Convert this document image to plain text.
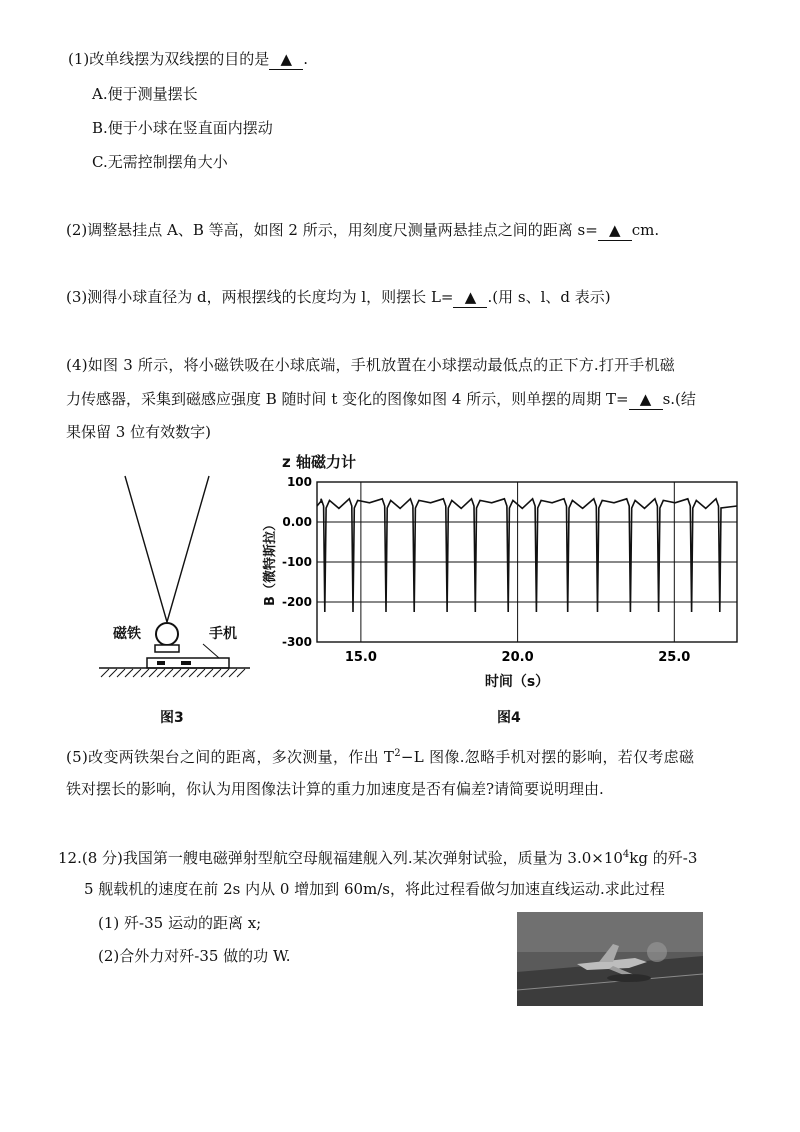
(1)改单线摆为双线摆的目的是 ▲ .
A.便于测量摆长
B.便于小球在竖直面内摆动
C.无需控制摆角大小
(2)调整悬挂点 A、B 等高，如图 2 所示，用刻度尺测量两悬挂点之间的距离 s= ▲ cm.
(3)测得小球直径为 d，两根摆线的长度均为 l，则摆长 L= ▲ .(用 s、l、d 表示)
(4)如图 3 所示，将小磁铁吸在小球底端，手机放置在小球摆动最低点的正下方.打开手机磁
力传感器，采集到磁感应强度 B 随时间 t 变化的图像如图 4 所示，则单摆的周期 T= ▲ s.(结
果保留 3 位有效数字)
磁铁	手机
图3
z 轴磁力计
100
0.00
-100
-200
-300
15.0	20.0	25.0
B（微特斯拉）
时间（s）
图4
(5)改变两铁架台之间的距离，多次测量，作出 $T^2-L$ 图像.忽略手机对摆的影响，若仅考虑磁
铁对摆长的影响，你认为用图像法计算的重力加速度是否有偏差?请简要说明理由.
12.(8 分)我国第一艘电磁弹射型航空母舰福建舰入列.某次弹射试验，质量为 $3.0\times 10^4kg$ 的歼-3
5 舰载机的速度在前 2s 内从 0 增加到 60m/s，将此过程看做匀加速直线运动.求此过程
(1) 歼-35 运动的距离 x;
(2)合外力对歼-35 做的功 W.
